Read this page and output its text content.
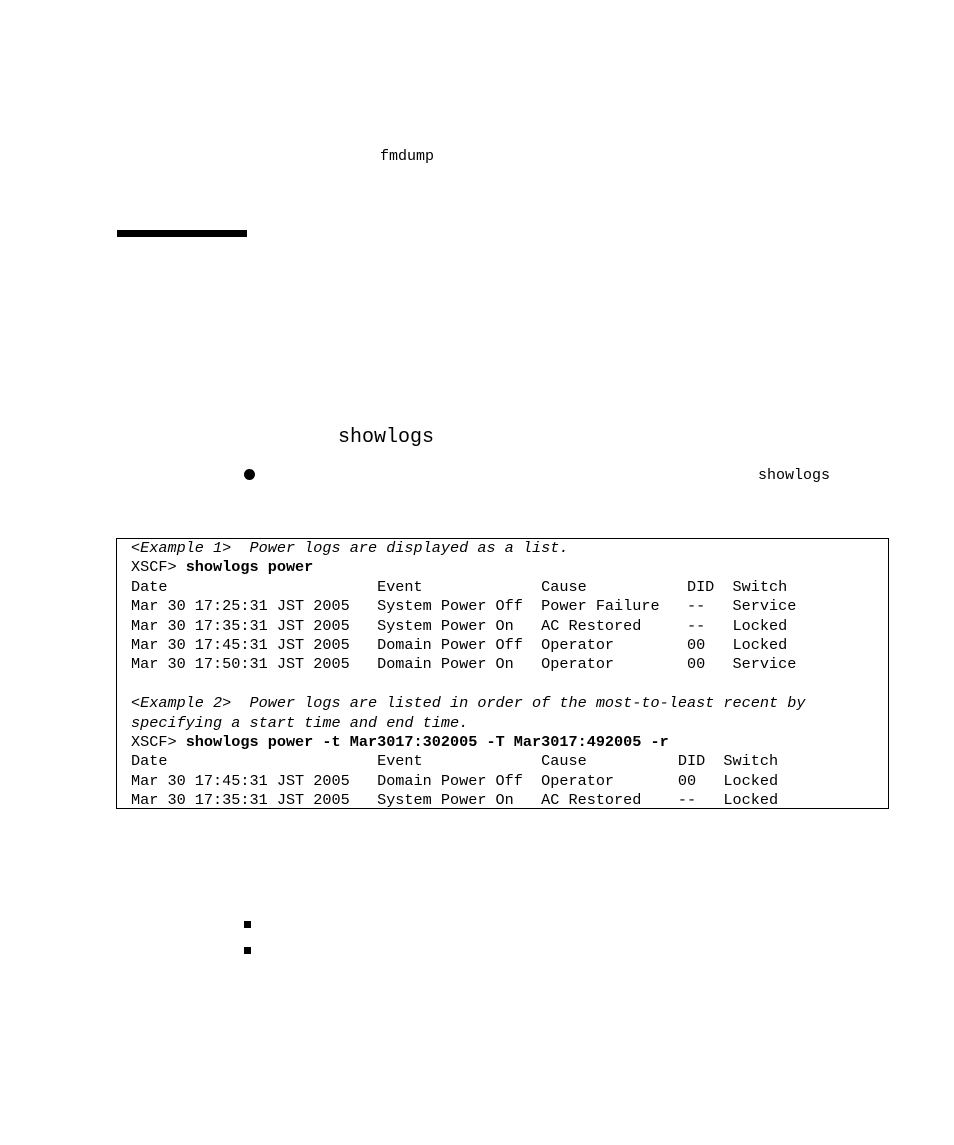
fmdump
showlogs
showlogs
<Example 1>  Power logs are displayed as a list.
XSCF> showlogs power
Date                       Event             Cause           DID  Switch
Mar 30 17:25:31 JST 2005   System Power Off  Power Failure   --   Service
Mar 30 17:35:31 JST 2005   System Power On   AC Restored     --   Locked
Mar 30 17:45:31 JST 2005   Domain Power Off  Operator        00   Locked
Mar 30 17:50:31 JST 2005   Domain Power On   Operator        00   Service

<Example 2>  Power logs are listed in order of the most-to-least recent by
specifying a start time and end time.
XSCF> showlogs power -t Mar3017:302005 -T Mar3017:492005 -r
Date                       Event             Cause          DID  Switch
Mar 30 17:45:31 JST 2005   Domain Power Off  Operator       00   Locked
Mar 30 17:35:31 JST 2005   System Power On   AC Restored    --   Locked
